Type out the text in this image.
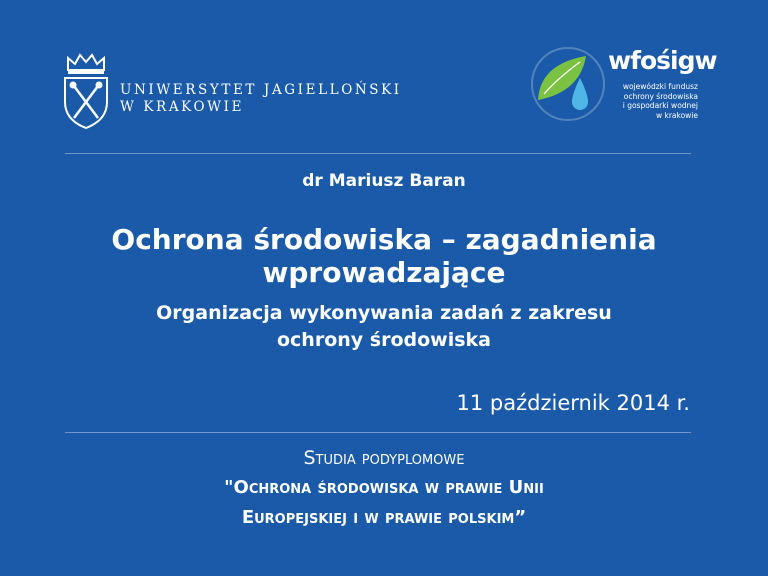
UNIWERSYTET JAGIELLOŃSKI
W KRAKOWIE
wfośigw
wojewódzki fundusz
ochrony środowiska
i gospodarki wodnej
w krakowie
dr Mariusz Baran
Ochrona środowiska – zagadnienia
wprowadzające
Organizacja wykonywania zadań z zakresu
ochrony środowiska
11 październik 2014 r.
Studia podyplomowe
"Ochrona środowiska w prawie Unii
Europejskiej i w prawie polskim”
